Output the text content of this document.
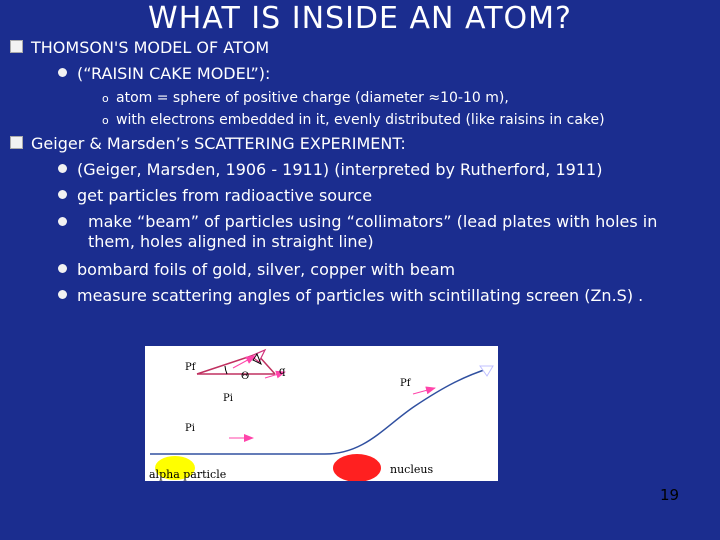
WHAT IS INSIDE AN ATOM?
THOMSON'S MODEL OF ATOM
(“RAISIN CAKE MODEL”):
o atom = sphere of positive charge (diameter ≈10-10 m),
o with electrons embedded in it, evenly distributed (like raisins in cake)
Geiger & Marsden’s SCATTERING EXPERIMENT:
(Geiger, Marsden, 1906 - 1911) (interpreted by Rutherford, 1911)
get particles from radioactive source
make “beam” of particles using “collimators” (lead plates with holes in them, holes aligned in straight line)
bombard foils of gold, silver, copper with beam
measure scattering angles of particles with scintillating screen (Zn.S) .
Pf
Θ	q
Pi
Pf
Pi
alpha particle	nucleus
19
